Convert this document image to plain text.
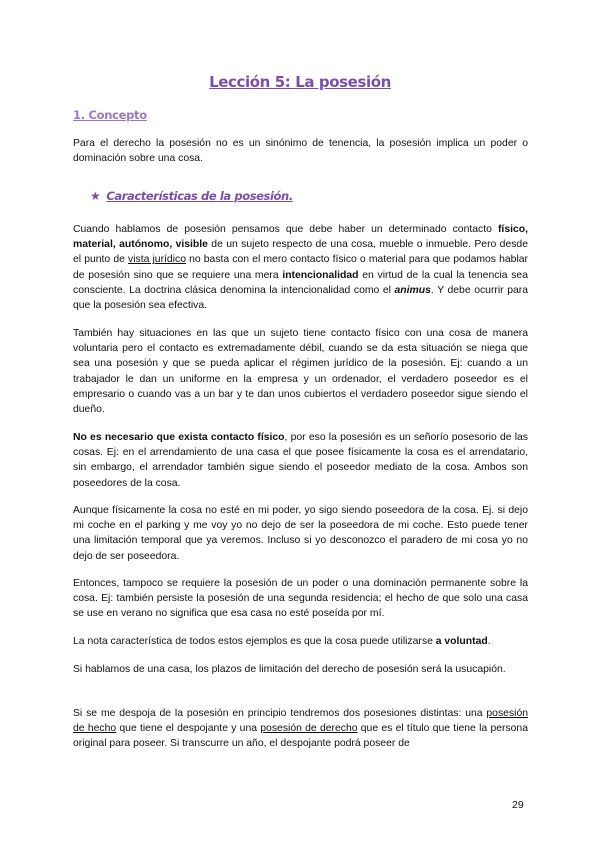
Lección 5: La posesión
1. Concepto

Para el derecho la posesión no es un sinónimo de tenencia, la posesión implica un poder o dominación sobre una cosa.

★ Características de la posesión.

Cuando hablamos de posesión pensamos que debe haber un determinado contacto físico, material, autónomo, visible de un sujeto respecto de una cosa, mueble o inmueble. Pero desde el punto de vista jurídico no basta con el mero contacto físico o material para que podamos hablar de posesión sino que se requiere una mera intencionalidad en virtud de la cual la tenencia sea consciente. La doctrina clásica denomina la intencionalidad como el animus. Y debe ocurrir para que la posesión sea efectiva.

También hay situaciones en las que un sujeto tiene contacto físico con una cosa de manera voluntaria pero el contacto es extremadamente débil, cuando se da esta situación se niega que sea una posesión y que se pueda aplicar el régimen jurídico de la posesión. Ej: cuando a un trabajador le dan un uniforme en la empresa y un ordenador, el verdadero poseedor es el empresario o cuando vas a un bar y te dan unos cubiertos el verdadero poseedor sigue siendo el dueño.

No es necesario que exista contacto físico, por eso la posesión es un señorío posesorio de las cosas. Ej: en el arrendamiento de una casa el que posee físicamente la cosa es el arrendatario, sin embargo, el arrendador también sigue siendo el poseedor mediato de la cosa. Ambos son poseedores de la cosa.

Aunque físicamente la cosa no esté en mi poder, yo sigo siendo poseedora de la cosa. Ej. si dejo mi coche en el parking y me voy yo no dejo de ser la poseedora de mi coche. Esto puede tener una limitación temporal que ya veremos. Incluso si yo desconozco el paradero de mi cosa yo no dejo de ser poseedora.

Entonces, tampoco se requiere la posesión de un poder o una dominación permanente sobre la cosa. Ej: también persiste la posesión de una segunda residencia; el hecho de que solo una casa se use en verano no significa que esa casa no esté poseída por mí.

La nota característica de todos estos ejemplos es que la cosa puede utilizarse a voluntad.

Si hablamos de una casa, los plazos de limitación del derecho de posesión será la usucapión.

Si se me despoja de la posesión en principio tendremos dos posesiones distintas: una posesión de hecho que tiene el despojante y una posesión de derecho que es el título que tiene la persona original para poseer. Si transcurre un año, el despojante podrá poseer de

29
